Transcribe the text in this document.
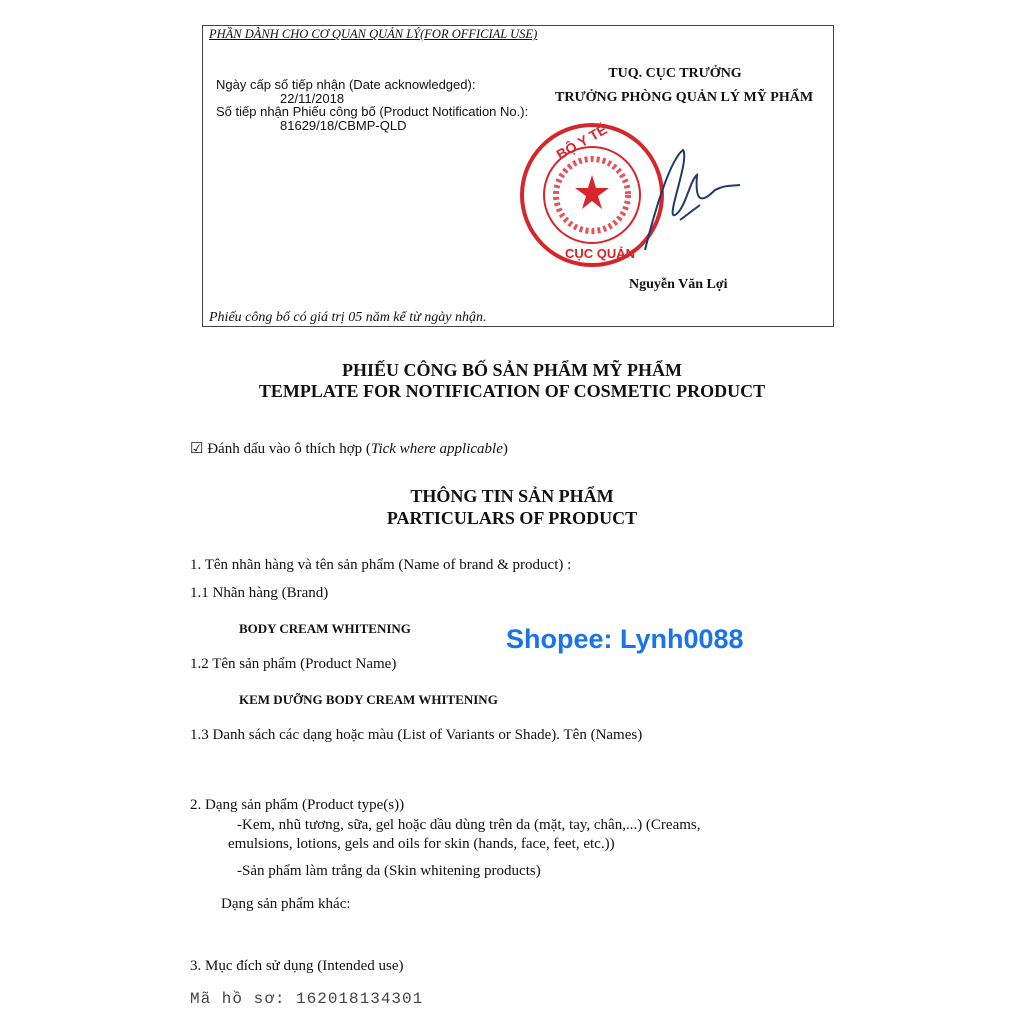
PHẦN DÀNH CHO CƠ QUAN QUẢN LÝ(FOR OFFICIAL USE)
Ngày cấp số tiếp nhận (Date acknowledged):
22/11/2018
Số tiếp nhận Phiếu công bố (Product Notification No.):
81629/18/CBMP-QLD
TUQ. CỤC TRƯỞNG
TRƯỞNG PHÒNG QUẢN LÝ MỸ PHẨM
BỘ Y TẾ
CỤC QUẢN
Nguyễn Văn Lợi
Phiếu công bố có giá trị 05 năm kể từ ngày nhận.
PHIẾU CÔNG BỐ SẢN PHẨM MỸ PHẨM
TEMPLATE FOR NOTIFICATION OF COSMETIC PRODUCT
☑ Đánh dấu vào ô thích hợp (Tick where applicable)
THÔNG TIN SẢN PHẨM
PARTICULARS OF PRODUCT
1. Tên nhãn hàng và tên sản phẩm (Name of brand & product) :
1.1 Nhãn hàng (Brand)
BODY CREAM WHITENING	Shopee: Lynh0088
1.2 Tên sản phẩm (Product Name)
KEM DƯỠNG BODY CREAM WHITENING
1.3 Danh sách các dạng hoặc màu (List of Variants or Shade). Tên (Names)
2. Dạng sản phẩm (Product type(s))
-Kem, nhũ tương, sữa, gel hoặc dầu dùng trên da (mặt, tay, chân,...) (Creams,
emulsions, lotions, gels and oils for skin (hands, face, feet, etc.))
-Sản phẩm làm trắng da (Skin whitening products)
Dạng sản phẩm khác:
3. Mục đích sử dụng (Intended use)
Mã hồ sơ: 162018134301
